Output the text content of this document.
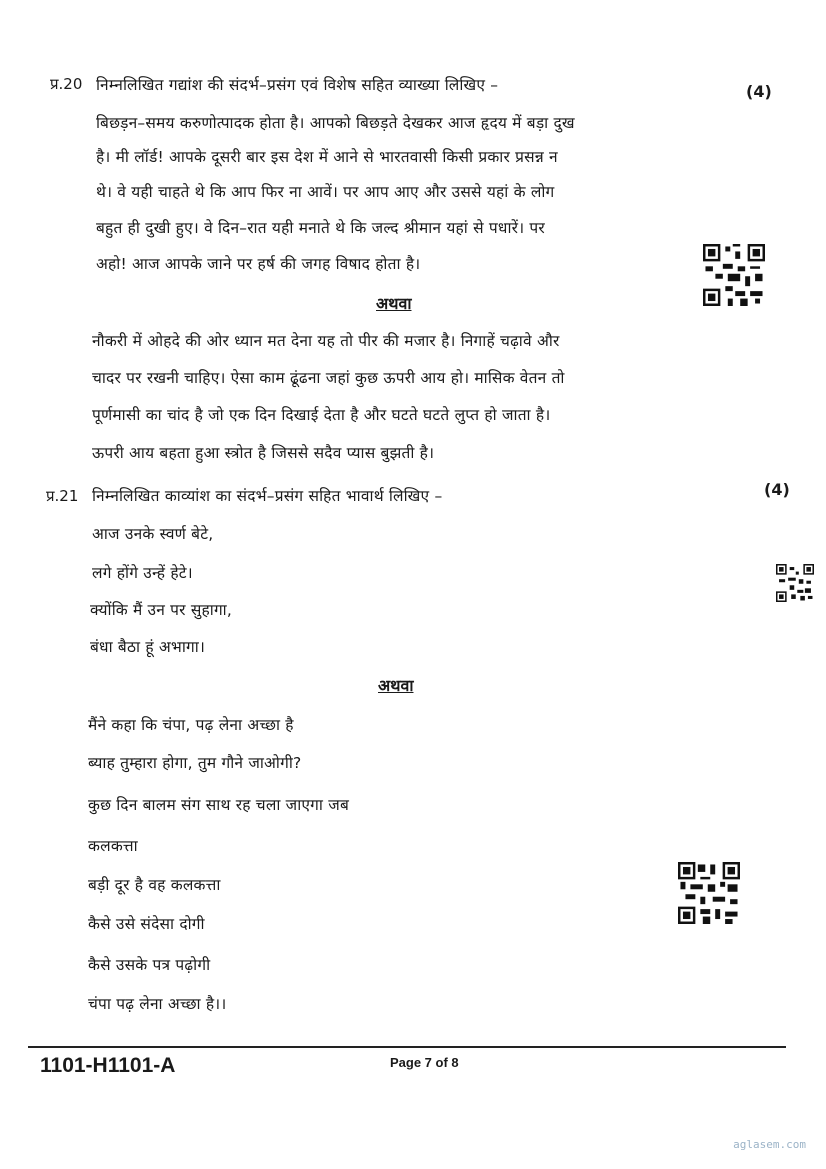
प्र.20 निम्नलिखित गद्यांश की संदर्भ–प्रसंग एवं विशेष सहित व्याख्या लिखिए –	(4)
बिछड़न–समय करुणोत्पादक होता है। आपको बिछड़ते देखकर आज हृदय में बड़ा दुख
है। मी लॉर्ड! आपके दूसरी बार इस देश में आने से भारतवासी किसी प्रकार प्रसन्न न
थे। वे यही चाहते थे कि आप फिर ना आवें। पर आप आए और उससे यहां के लोग
बहुत ही दुखी हुए। वे दिन–रात यही मनाते थे कि जल्द श्रीमान यहां से पधारें। पर
अहो! आज आपके जाने पर हर्ष की जगह विषाद होता है।
अथवा
नौकरी में ओहदे की ओर ध्यान मत देना यह तो पीर की मजार है। निगाहें चढ़ावे और
चादर पर रखनी चाहिए। ऐसा काम ढूंढना जहां कुछ ऊपरी आय हो। मासिक वेतन तो
पूर्णमासी का चांद है जो एक दिन दिखाई देता है और घटते घटते लुप्त हो जाता है।
ऊपरी आय बहता हुआ स्त्रोत है जिससे सदैव प्यास बुझती है।
प्र.21 निम्नलिखित काव्यांश का संदर्भ–प्रसंग सहित भावार्थ लिखिए –	(4)
आज उनके स्वर्ण बेटे,
लगे होंगे उन्हें हेटे।
क्योंकि मैं उन पर सुहागा,
बंधा बैठा हूं अभागा।
अथवा
मैंने कहा कि चंपा, पढ़ लेना अच्छा है
ब्याह तुम्हारा होगा, तुम गौने जाओगी?
कुछ दिन बालम संग साथ रह चला जाएगा जब
कलकत्ता
बड़ी दूर है वह कलकत्ता
कैसे उसे संदेसा दोगी
कैसे उसके पत्र पढ़ोगी
चंपा पढ़ लेना अच्छा है।।
1101-H1101-A	Page 7 of 8
aglasem.com
